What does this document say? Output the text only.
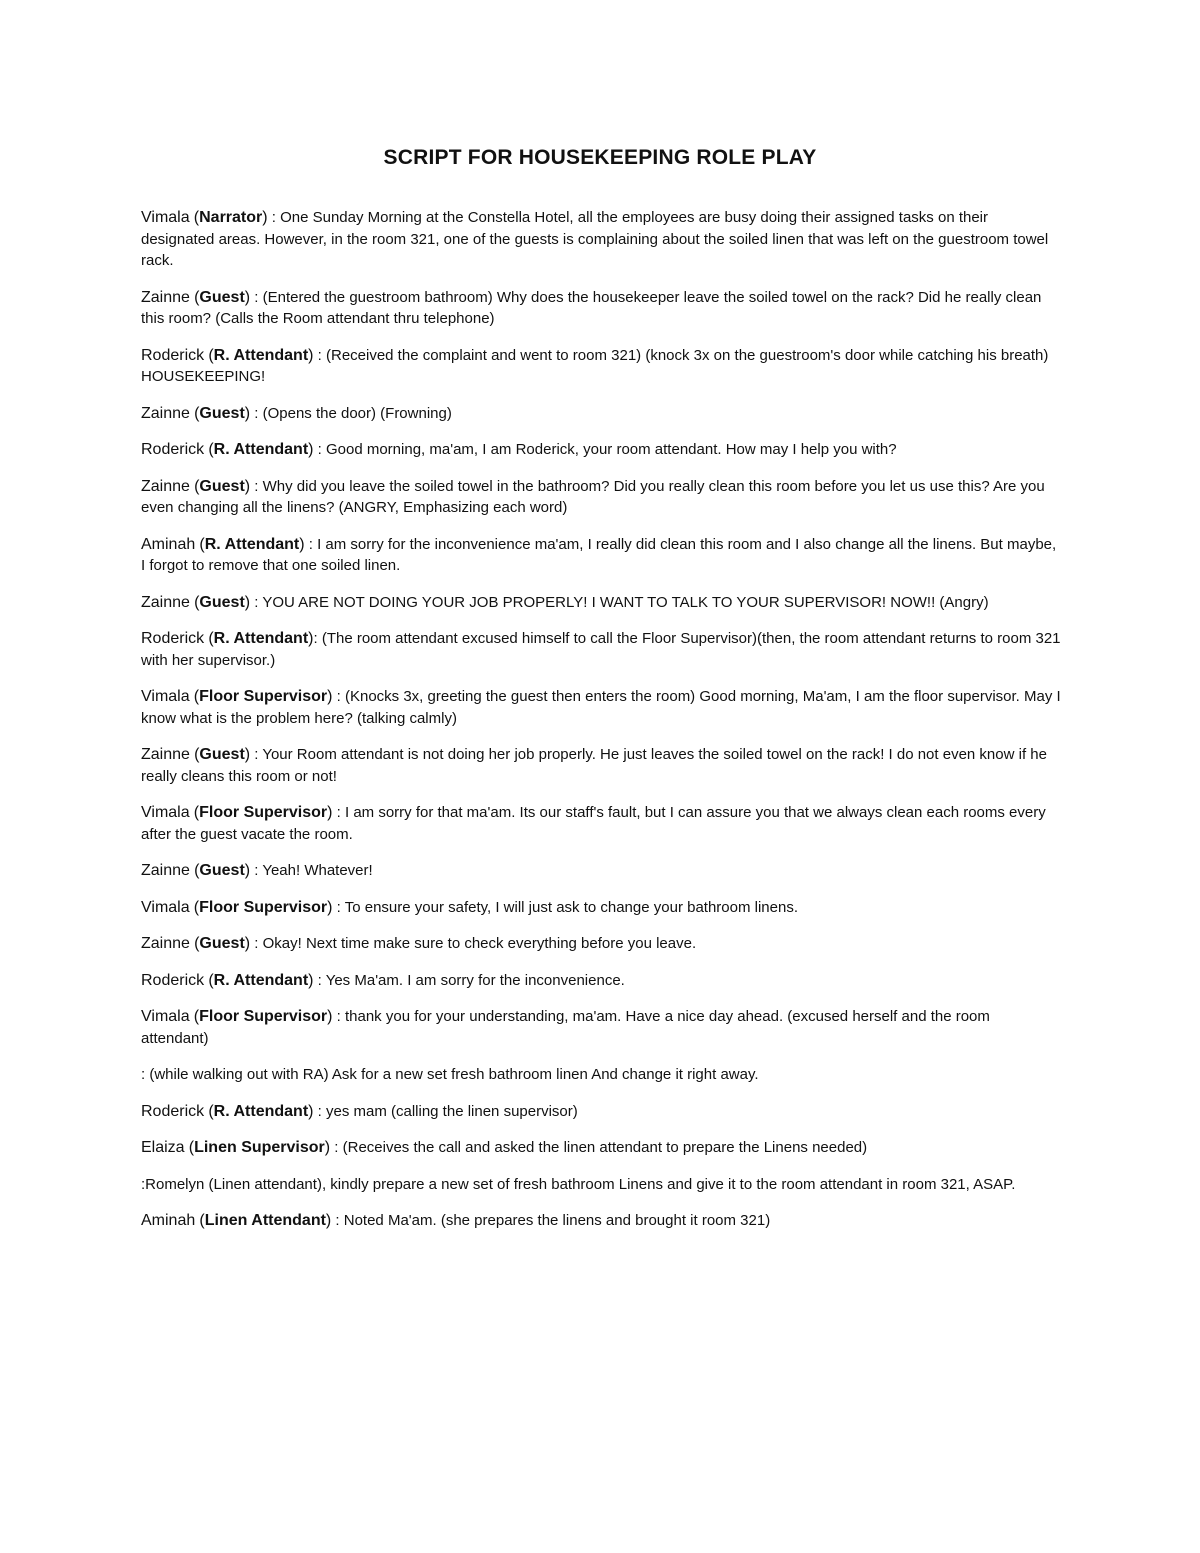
SCRIPT FOR HOUSEKEEPING ROLE PLAY

Vimala (Narrator) : One Sunday Morning at the Constella Hotel, all the employees are busy doing their assigned tasks on their designated areas. However, in the room 321, one of the guests is complaining about the soiled linen that was left on the guestroom towel rack.

Zainne (Guest) : (Entered the guestroom bathroom) Why does the housekeeper leave the soiled towel on the rack? Did he really clean this room? (Calls the Room attendant thru telephone)

Roderick (R. Attendant) : (Received the complaint and went to room 321) (knock 3x on the guestroom's door while catching his breath) HOUSEKEEPING!

Zainne (Guest) : (Opens the door) (Frowning)

Roderick (R. Attendant) : Good morning, ma'am, I am Roderick, your room attendant. How may I help you with?

Zainne (Guest) : Why did you leave the soiled towel in the bathroom? Did you really clean this room before you let us use this? Are you even changing all the linens? (ANGRY, Emphasizing each word)

Aminah (R. Attendant) : I am sorry for the inconvenience ma'am, I really did clean this room and I also change all the linens. But maybe, I forgot to remove that one soiled linen.

Zainne (Guest) : YOU ARE NOT DOING YOUR JOB PROPERLY! I WANT TO TALK TO YOUR SUPERVISOR! NOW!! (Angry)

Roderick (R. Attendant): (The room attendant excused himself to call the Floor Supervisor)(then, the room attendant returns to room 321 with her supervisor.)

Vimala (Floor Supervisor) : (Knocks 3x, greeting the guest then enters the room) Good morning, Ma'am, I am the floor supervisor. May I know what is the problem here? (talking calmly)

Zainne (Guest) : Your Room attendant is not doing her job properly. He just leaves the soiled towel on the rack! I do not even know if he really cleans this room or not!

Vimala (Floor Supervisor) : I am sorry for that ma'am. Its our staff's fault, but I can assure you that we always clean each rooms every after the guest vacate the room.

Zainne (Guest) : Yeah! Whatever!

Vimala (Floor Supervisor) : To ensure your safety, I will just ask to change your bathroom linens.

Zainne (Guest) : Okay! Next time make sure to check everything before you leave.

Roderick (R. Attendant) : Yes Ma'am. I am sorry for the inconvenience.

Vimala (Floor Supervisor) : thank you for your understanding, ma'am. Have a nice day ahead. (excused herself and the room attendant)

: (while walking out with RA) Ask for a new set fresh bathroom linen And change it right away.

Roderick (R. Attendant) : yes mam (calling the linen supervisor)

Elaiza (Linen Supervisor) : (Receives the call and asked the linen attendant to prepare the Linens needed)

:Romelyn (Linen attendant), kindly prepare a new set of fresh bathroom Linens and give it to the room attendant in room 321, ASAP.

Aminah (Linen Attendant) : Noted Ma'am. (she prepares the linens and brought it room 321)
